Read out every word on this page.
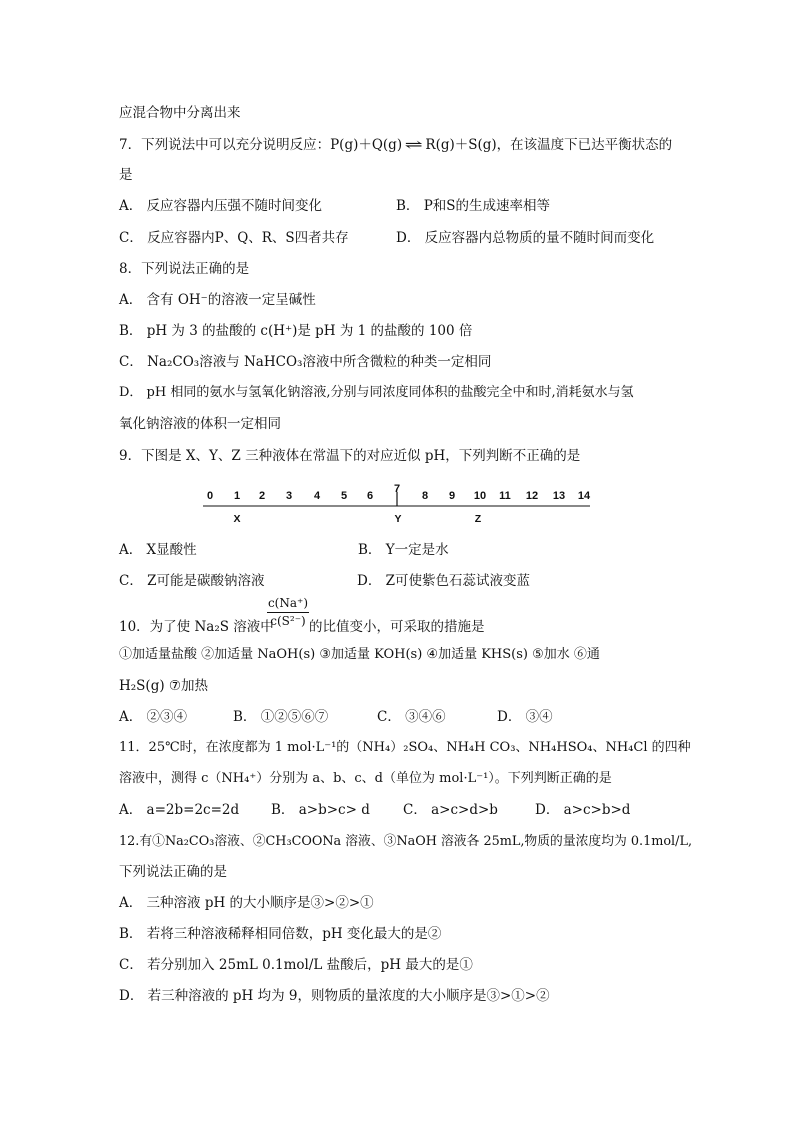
应混合物中分离出来
7．下列说法中可以充分说明反应：P(g)＋Q(g) ⇌ R(g)＋S(g)，在该温度下已达平衡状态的
是
A． 反应容器内压强不随时间变化	B． P和S的生成速率相等
C． 反应容器内P、Q、R、S四者共存	D． 反应容器内总物质的量不随时间而变化
8．下列说法正确的是
A． 含有 OH⁻的溶液一定呈碱性
B． pH 为 3 的盐酸的 c(H⁺)是 pH 为 1 的盐酸的 100 倍
C． Na₂CO₃溶液与 NaHCO₃溶液中所含微粒的种类一定相同
D． pH 相同的氨水与氢氧化钠溶液,分别与同浓度同体积的盐酸完全中和时,消耗氨水与氢
氧化钠溶液的体积一定相同
9．下图是 X、Y、Z 三种液体在常温下的对应近似 pH，下列判断不正确的是
0 1 2 3 4 5 6
7
8 9 10 11 12 13 14
X	Y	Z
A． X显酸性	B． Y一定是水
C． Z可能是碳酸钠溶液	D． Z可使紫色石蕊试液变蓝
10．为了使 Na₂S 溶液中
c(Na⁺)
c(S²⁻) 的比值变小，可采取的措施是
①加适量盐酸 ②加适量 NaOH(s) ③加适量 KOH(s) ④加适量 KHS(s) ⑤加水 ⑥通
H₂S(g) ⑦加热
A． ②③④	B． ①②⑤⑥⑦	C． ③④⑥	D． ③④
11．25℃时，在浓度都为 1 mol·L⁻¹的（NH₄）₂SO₄、NH₄H CO₃、NH₄HSO₄、NH₄Cl 的四种
溶液中，测得 c（NH₄⁺）分别为 a、b、c、d（单位为 mol·L⁻¹）。下列判断正确的是
A． a=2b=2c=2d B． a>b>c> d C． a>c>d>b	D． a>c>b>d
12.有①Na₂CO₃溶液、②CH₃COONa 溶液、③NaOH 溶液各 25mL,物质的量浓度均为 0.1mol/L,
下列说法正确的是
A． 三种溶液 pH 的大小顺序是③>②>①
B． 若将三种溶液稀释相同倍数，pH 变化最大的是②
C． 若分别加入 25mL 0.1mol/L 盐酸后，pH 最大的是①
D． 若三种溶液的 pH 均为 9，则物质的量浓度的大小顺序是③>①>②
